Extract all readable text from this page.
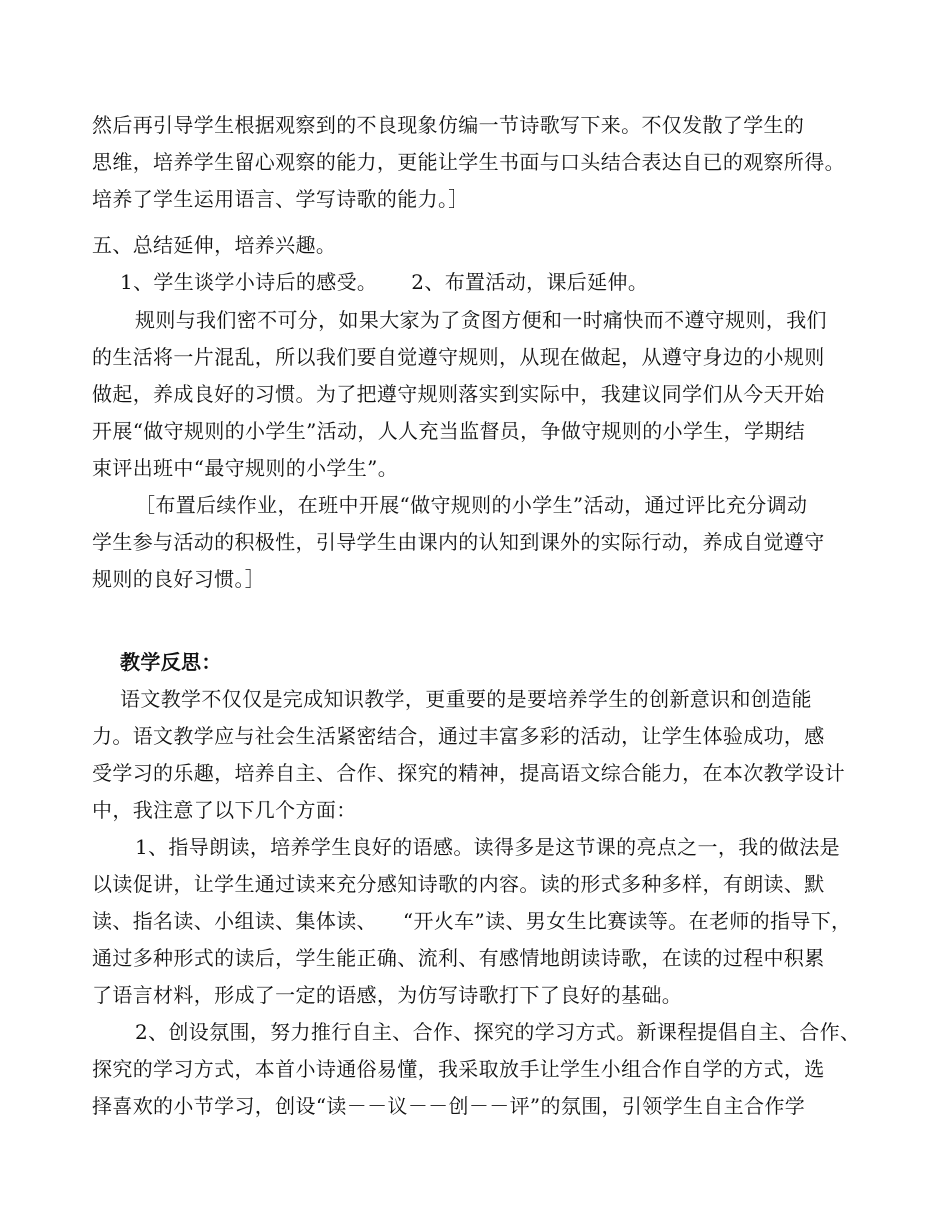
然后再引导学生根据观察到的不良现象仿编一节诗歌写下来。不仅发散了学生的
思维，培养学生留心观察的能力，更能让学生书面与口头结合表达自已的观察所得。
培养了学生运用语言、学写诗歌的能力。］
五、总结延伸，培养兴趣。
1、学生谈学小诗后的感受。 2、布置活动，课后延伸。
规则与我们密不可分，如果大家为了贪图方便和一时痛快而不遵守规则，我们
的生活将一片混乱，所以我们要自觉遵守规则，从现在做起，从遵守身边的小规则
做起，养成良好的习惯。为了把遵守规则落实到实际中，我建议同学们从今天开始
开展“做守规则的小学生”活动，人人充当监督员，争做守规则的小学生，学期结
束评出班中“最守规则的小学生”。
［布置后续作业，在班中开展“做守规则的小学生”活动，通过评比充分调动
学生参与活动的积极性，引导学生由课内的认知到课外的实际行动，养成自觉遵守
规则的良好习惯。］
教学反思：
语文教学不仅仅是完成知识教学，更重要的是要培养学生的创新意识和创造能
力。语文教学应与社会生活紧密结合，通过丰富多彩的活动，让学生体验成功，感
受学习的乐趣，培养自主、合作、探究的精神，提高语文综合能力，在本次教学设计
中，我注意了以下几个方面：
1、指导朗读，培养学生良好的语感。读得多是这节课的亮点之一，我的做法是
以读促讲，让学生通过读来充分感知诗歌的内容。读的形式多种多样，有朗读、默
读、指名读、小组读、集体读、 “开火车”读、男女生比赛读等。在老师的指导下，
通过多种形式的读后，学生能正确、流利、有感情地朗读诗歌，在读的过程中积累
了语言材料，形成了一定的语感，为仿写诗歌打下了良好的基础。
2、创设氛围，努力推行自主、合作、探究的学习方式。新课程提倡自主、合作、
探究的学习方式，本首小诗通俗易懂，我采取放手让学生小组合作自学的方式，选
择喜欢的小节学习，创设“读－－议－－创－－评”的氛围，引领学生自主合作学
